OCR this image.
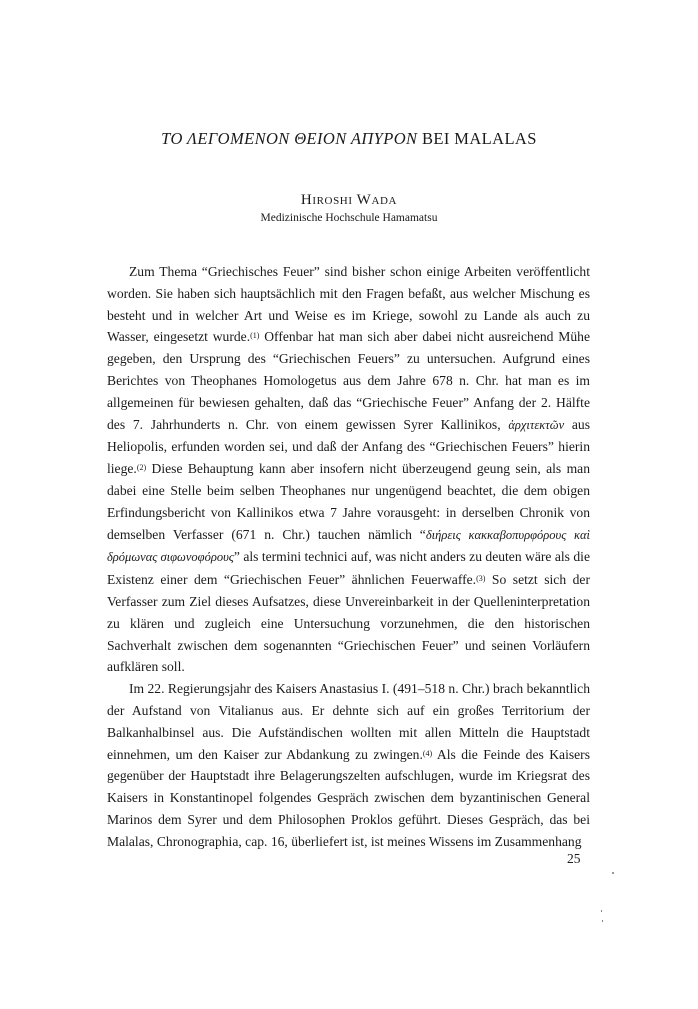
ΤΟ ΛΕΓΟΜΕΝΟΝ ΘΕΙΟΝ ΑΠΥΡΟΝ BEI MALALAS
Hiroshi Wada
Medizinische Hochschule Hamamatsu

Zum Thema “Griechisches Feuer” sind bisher schon einige Arbeiten veröffentlicht worden. Sie haben sich hauptsächlich mit den Fragen befaßt, aus welcher Mischung es besteht und in welcher Art und Weise es im Kriege, sowohl zu Lande als auch zu Wasser, eingesetzt wurde.$^{(1)}$ Offenbar hat man sich aber dabei nicht ausreichend Mühe gegeben, den Ursprung des “Griechischen Feuers” zu untersuchen. Aufgrund eines Berichtes von Theophanes Homologetus aus dem Jahre 678 n. Chr. hat man es im allgemeinen für bewiesen gehalten, daß das “Griechische Feuer” Anfang der 2. Hälfte des 7. Jahrhunderts n. Chr. von einem gewissen Syrer Kallinikos, ἀρχιτεκτῶν aus Heliopolis, erfunden worden sei, und daß der Anfang des “Griechischen Feuers” hierin liege.$^{(2)}$ Diese Behauptung kann aber insofern nicht überzeugend geung sein, als man dabei eine Stelle beim selben Theophanes nur ungenügend beachtet, die dem obigen Erfindungsbericht von Kallinikos etwa 7 Jahre vorausgeht: in derselben Chronik von demselben Verfasser (671 n. Chr.) tauchen nämlich “διήρεις κακκαβοπυρφόρους καὶ δρόμωνας σιφωνοφόρους” als termini technici auf, was nicht anders zu deuten wäre als die Existenz einer dem “Griechischen Feuer” ähnlichen Feuerwaffe.$^{(3)}$ So setzt sich der Verfasser zum Ziel dieses Aufsatzes, diese Unvereinbarkeit in der Quelleninterpretation zu klären und zugleich eine Untersuchung vorzunehmen, die den historischen Sachverhalt zwischen dem sogenannten “Griechischen Feuer” und seinen Vorläufern aufklären soll.

Im 22. Regierungsjahr des Kaisers Anastasius I. (491–518 n. Chr.) brach bekanntlich der Aufstand von Vitalianus aus. Er dehnte sich auf ein großes Territorium der Balkanhalbinsel aus. Die Aufständischen wollten mit allen Mitteln die Hauptstadt einnehmen, um den Kaiser zur Abdankung zu zwingen.$^{(4)}$ Als die Feinde des Kaisers gegenüber der Hauptstadt ihre Belagerungszelten aufschlugen, wurde im Kriegsrat des Kaisers in Konstantinopel folgendes Gespräch zwischen dem byzantinischen General Marinos dem Syrer und dem Philosophen Proklos geführt. Dieses Gespräch, das bei Malalas, Chronographia, cap. 16, überliefert ist, ist meines Wissens im Zusammenhang

25
